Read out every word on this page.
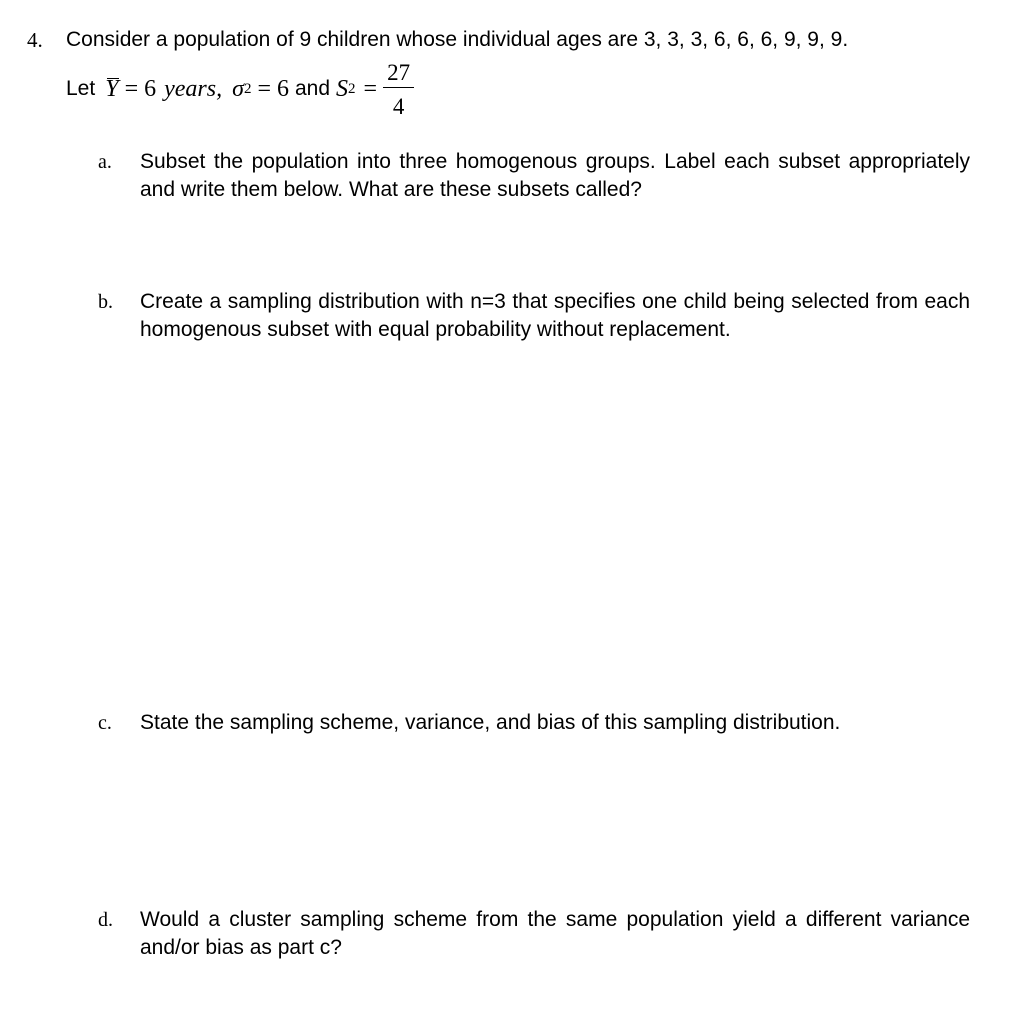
4. Consider a population of 9 children whose individual ages are 3, 3, 3, 6, 6, 6, 9, 9, 9.
Let Y = 6 years, σ 2 = 6 and S $2 = \frac{27}{4}$
a.	Subset the population into three homogenous groups. Label each subset appropriately and write them below. What are these subsets called?
b.	Create a sampling distribution with n=3 that specifies one child being selected from each homogenous subset with equal probability without replacement.
c.	State the sampling scheme, variance, and bias of this sampling distribution.
d.	Would a cluster sampling scheme from the same population yield a different variance and/or bias as part c?
